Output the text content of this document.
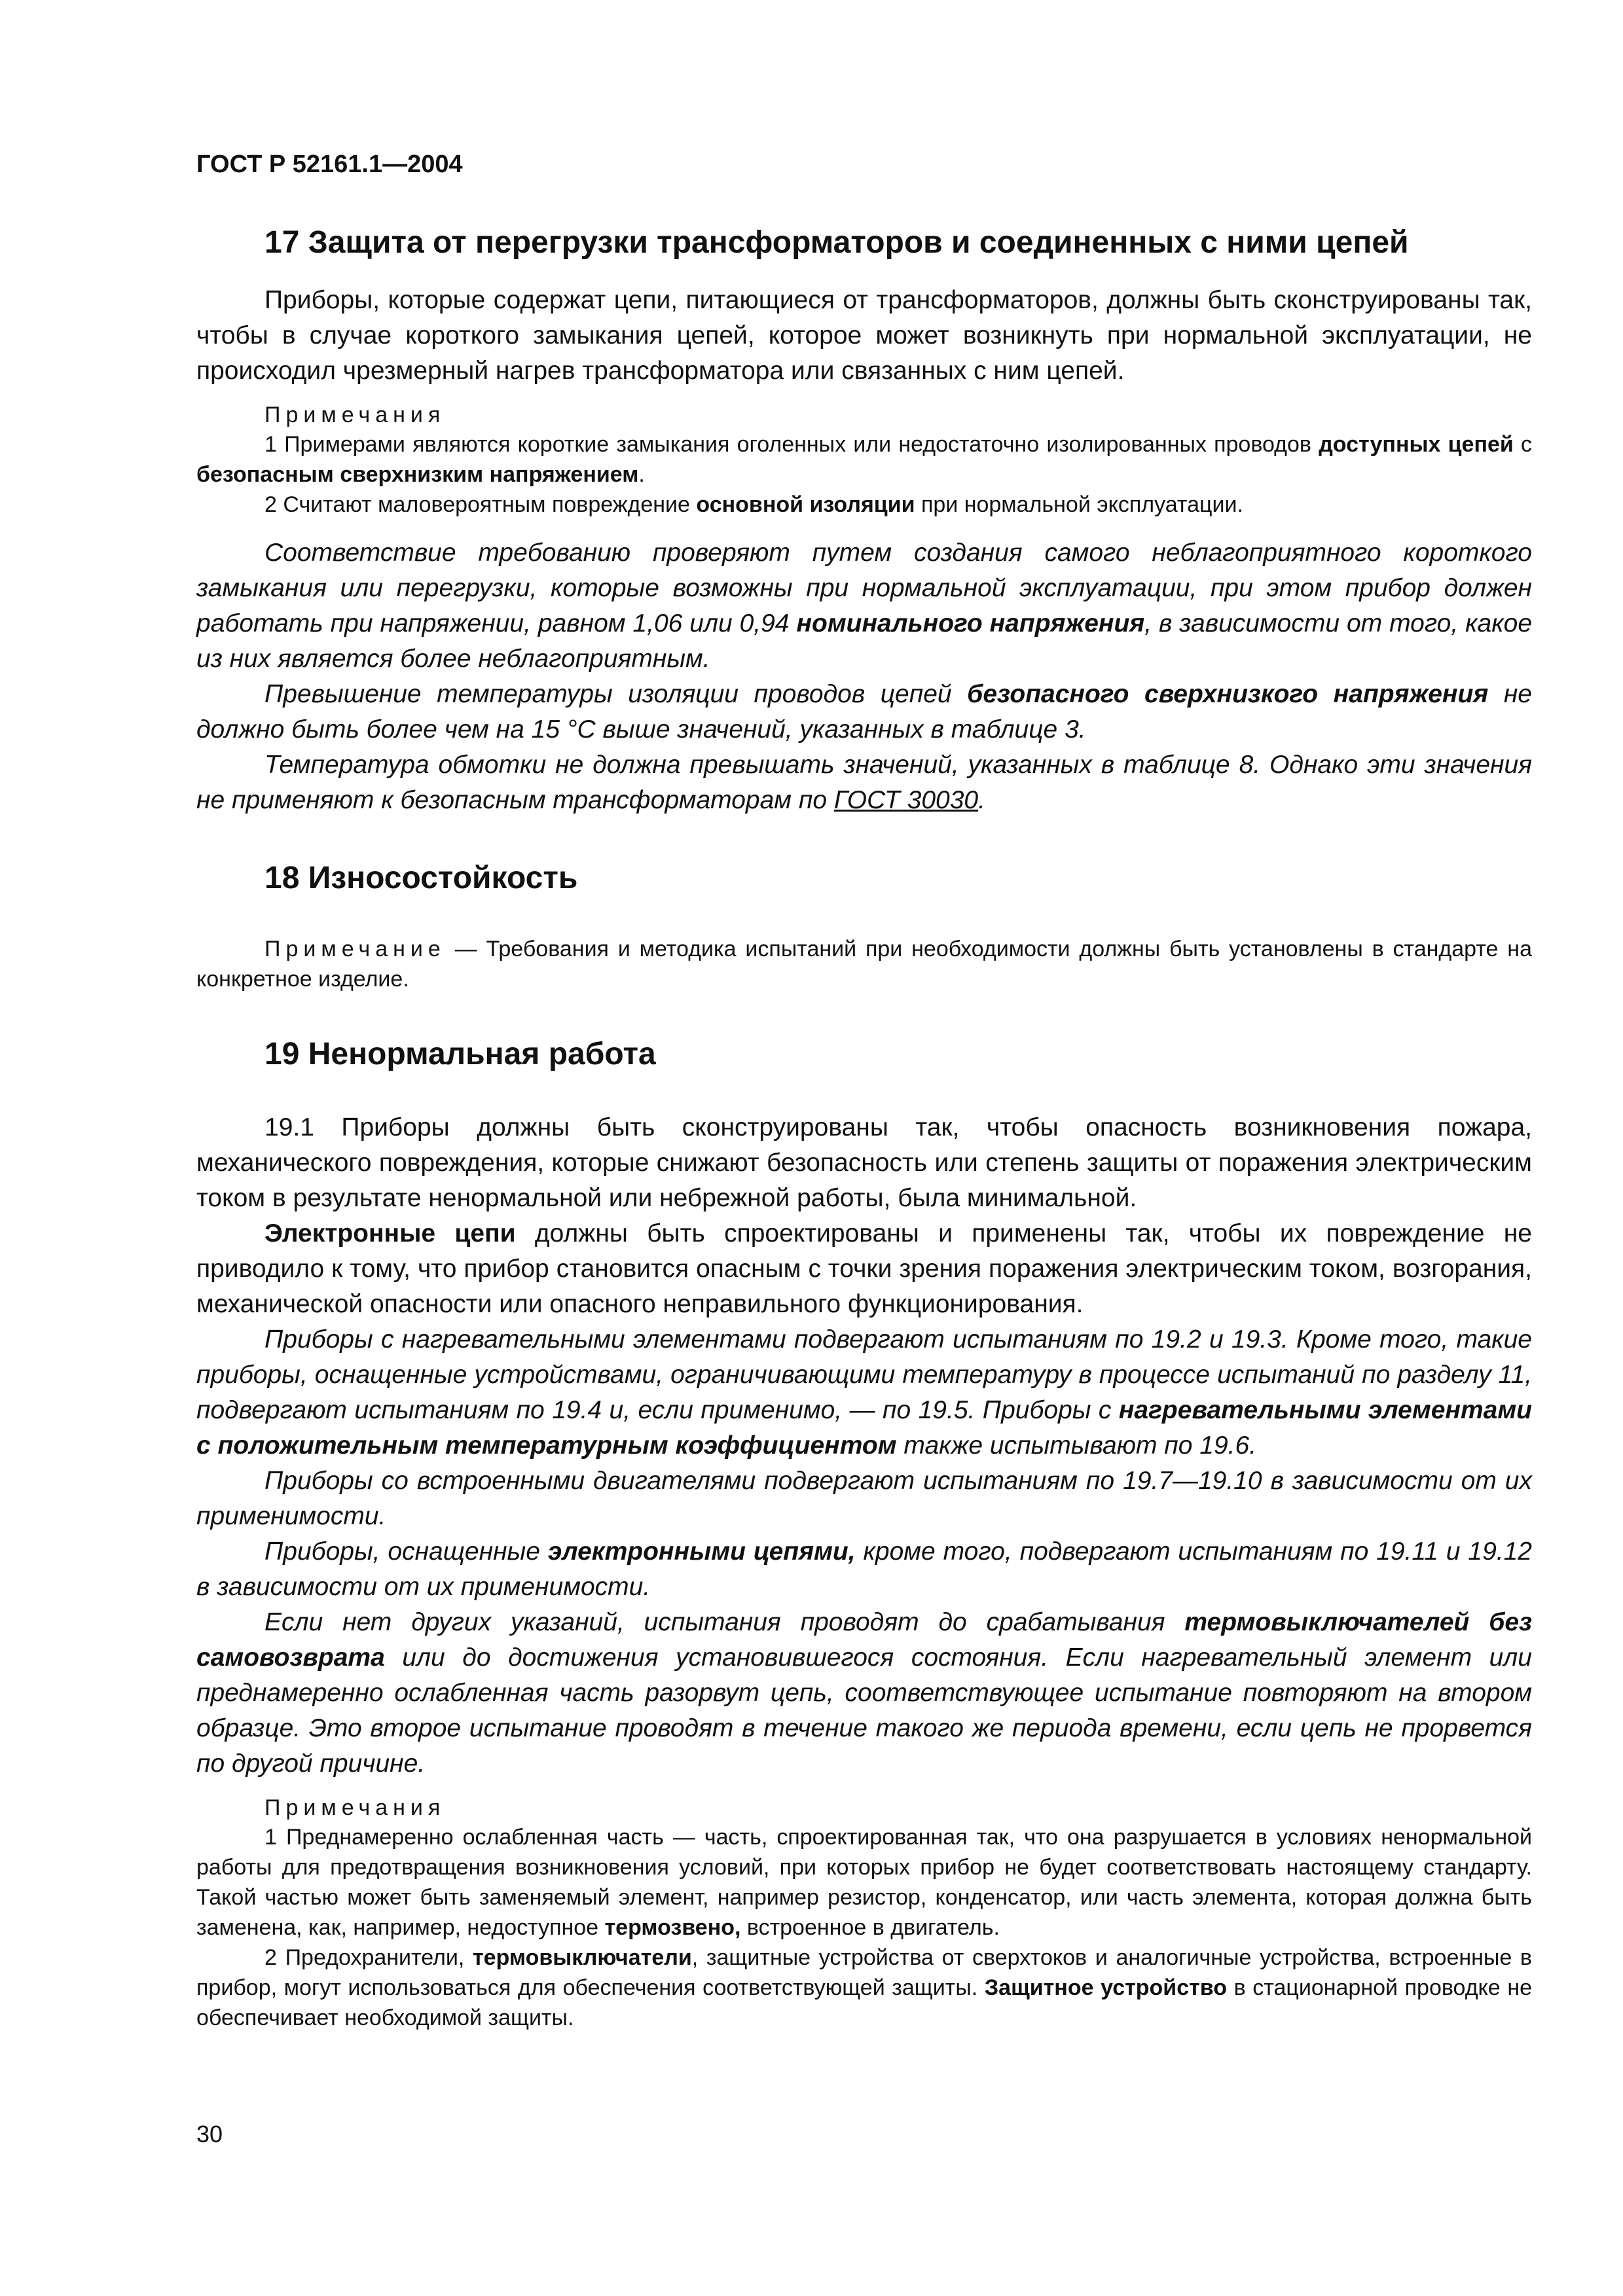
ГОСТ Р 52161.1—2004
17 Защита от перегрузки трансформаторов и соединенных с ними цепей

Приборы, которые содержат цепи, питающиеся от трансформаторов, должны быть сконструированы так, чтобы в случае короткого замыкания цепей, которое может возникнуть при нормальной эксплуатации, не происходил чрезмерный нагрев трансформатора или связанных с ним цепей.

Примечания

1 Примерами являются короткие замыкания оголенных или недостаточно изолированных проводов доступных цепей с безопасным сверхнизким напряжением.

2 Считают маловероятным повреждение основной изоляции при нормальной эксплуатации.

Соответствие требованию проверяют путем создания самого неблагоприятного короткого замыкания или перегрузки, которые возможны при нормальной эксплуатации, при этом прибор должен работать при напряжении, равном 1,06 или 0,94 номинального напряжения, в зависимости от того, какое из них является более неблагоприятным.

Превышение температуры изоляции проводов цепей безопасного сверхнизкого напряжения не должно быть более чем на 15 °С выше значений, указанных в таблице 3.

Температура обмотки не должна превышать значений, указанных в таблице 8. Однако эти значения не применяют к безопасным трансформаторам по ГОСТ 30030.

18 Износостойкость

Примечание — Требования и методика испытаний при необходимости должны быть установлены в стандарте на конкретное изделие.

19 Ненормальная работа

19.1 Приборы должны быть сконструированы так, чтобы опасность возникновения пожара, механического повреждения, которые снижают безопасность или степень защиты от поражения электрическим током в результате ненормальной или небрежной работы, была минимальной.

Электронные цепи должны быть спроектированы и применены так, чтобы их повреждение не приводило к тому, что прибор становится опасным с точки зрения поражения электрическим током, возгорания, механической опасности или опасного неправильного функционирования.

Приборы с нагревательными элементами подвергают испытаниям по 19.2 и 19.3. Кроме того, такие приборы, оснащенные устройствами, ограничивающими температуру в процессе испытаний по разделу 11, подвергают испытаниям по 19.4 и, если применимо, — по 19.5. Приборы с нагревательными элементами с положительным температурным коэффициентом также испытывают по 19.6.

Приборы со встроенными двигателями подвергают испытаниям по 19.7—19.10 в зависимости от их применимости.

Приборы, оснащенные электронными цепями, кроме того, подвергают испытаниям по 19.11 и 19.12 в зависимости от их применимости.

Если нет других указаний, испытания проводят до срабатывания термовыключателей без самовозврата или до достижения установившегося состояния. Если нагревательный элемент или преднамеренно ослабленная часть разорвут цепь, соответствующее испытание повторяют на втором образце. Это второе испытание проводят в течение такого же периода времени, если цепь не прорвется по другой причине.

Примечания

1 Преднамеренно ослабленная часть — часть, спроектированная так, что она разрушается в условиях ненормальной работы для предотвращения возникновения условий, при которых прибор не будет соответствовать настоящему стандарту. Такой частью может быть заменяемый элемент, например резистор, конденсатор, или часть элемента, которая должна быть заменена, как, например, недоступное термозвено, встроенное в двигатель.

2 Предохранители, термовыключатели, защитные устройства от сверхтоков и аналогичные устройства, встроенные в прибор, могут использоваться для обеспечения соответствующей защиты. Защитное устройство в стационарной проводке не обеспечивает необходимой защиты.

30
